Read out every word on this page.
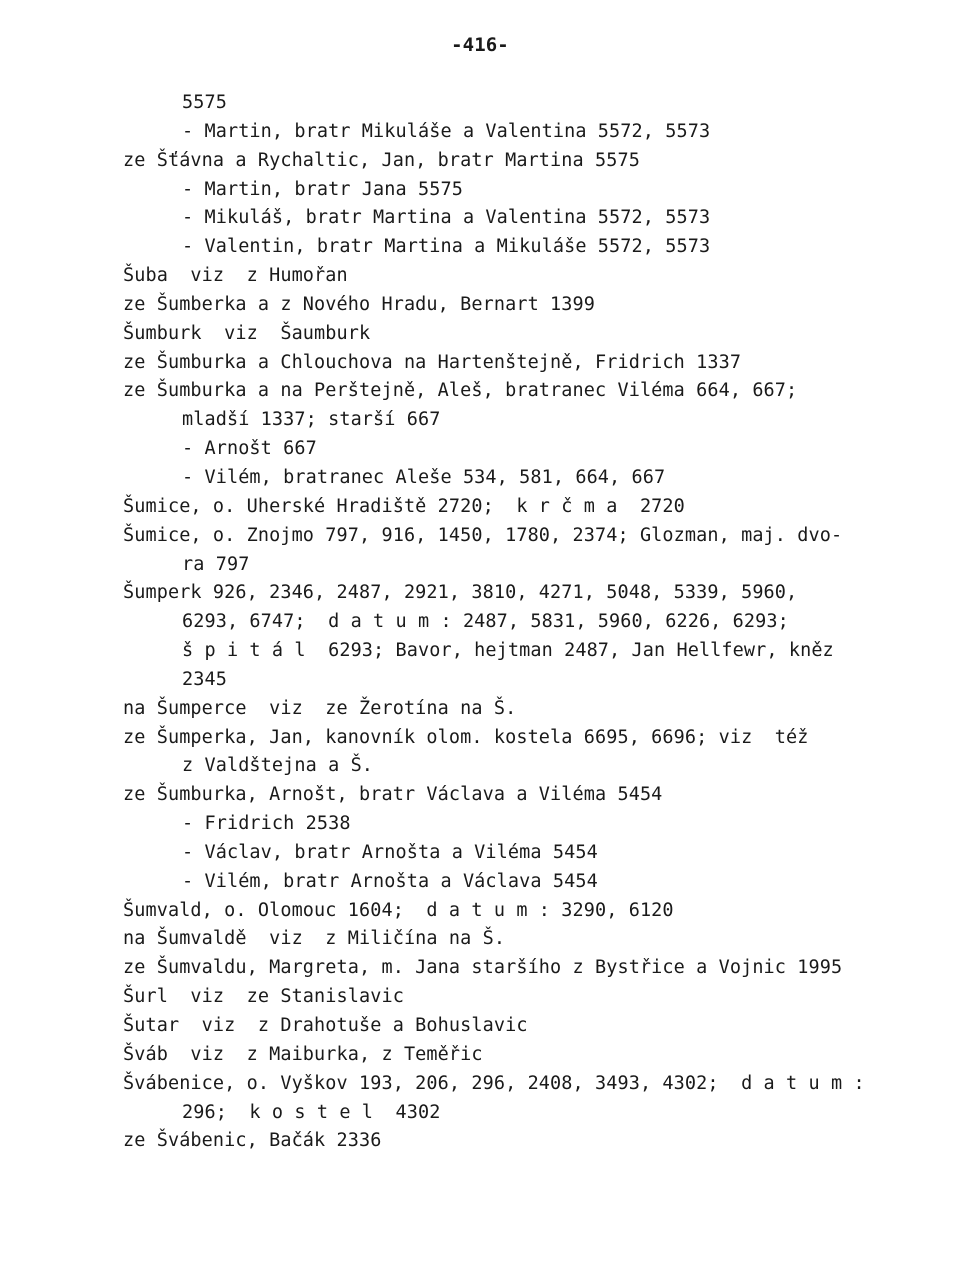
-416-
5575
- Martin, bratr Mikuláše a Valentina 5572, 5573
ze Šťávna a Rychaltic, Jan, bratr Martina 5575
- Martin, bratr Jana 5575
- Mikuláš, bratr Martina a Valentina 5572, 5573
- Valentin, bratr Martina a Mikuláše 5572, 5573
Šuba  viz  z Humořan
ze Šumberka a z Nového Hradu, Bernart 1399
Šumburk  viz  Šaumburk
ze Šumburka a Chlouchova na Hartenštejně, Fridrich 1337
ze Šumburka a na Perštejně, Aleš, bratranec Viléma 664, 667;
mladší 1337; starší 667
- Arnošt 667
- Vilém, bratranec Aleše 534, 581, 664, 667
Šumice, o. Uherské Hradiště 2720;  k r č m a  2720
Šumice, o. Znojmo 797, 916, 1450, 1780, 2374; Glozman, maj. dvo-
ra 797
Šumperk 926, 2346, 2487, 2921, 3810, 4271, 5048, 5339, 5960,
6293, 6747;  d a t u m : 2487, 5831, 5960, 6226, 6293;
š p i t á l  6293; Bavor, hejtman 2487, Jan Hellfewr, kněz
2345
na Šumperce  viz  ze Žerotína na Š.
ze Šumperka, Jan, kanovník olom. kostela 6695, 6696; viz  též
z Valdštejna a Š.
ze Šumburka, Arnošt, bratr Václava a Viléma 5454
- Fridrich 2538
- Václav, bratr Arnošta a Viléma 5454
- Vilém, bratr Arnošta a Václava 5454
Šumvald, o. Olomouc 1604;  d a t u m : 3290, 6120
na Šumvaldě  viz  z Miličína na Š.
ze Šumvaldu, Margreta, m. Jana staršího z Bystřice a Vojnic 1995
Šurl  viz  ze Stanislavic
Šutar  viz  z Drahotuše a Bohuslavic
Šváb  viz  z Maiburka, z Teměřic
Švábenice, o. Vyškov 193, 206, 296, 2408, 3493, 4302;  d a t u m :
296;  k o s t e l  4302
ze Švábenic, Bačák 2336
